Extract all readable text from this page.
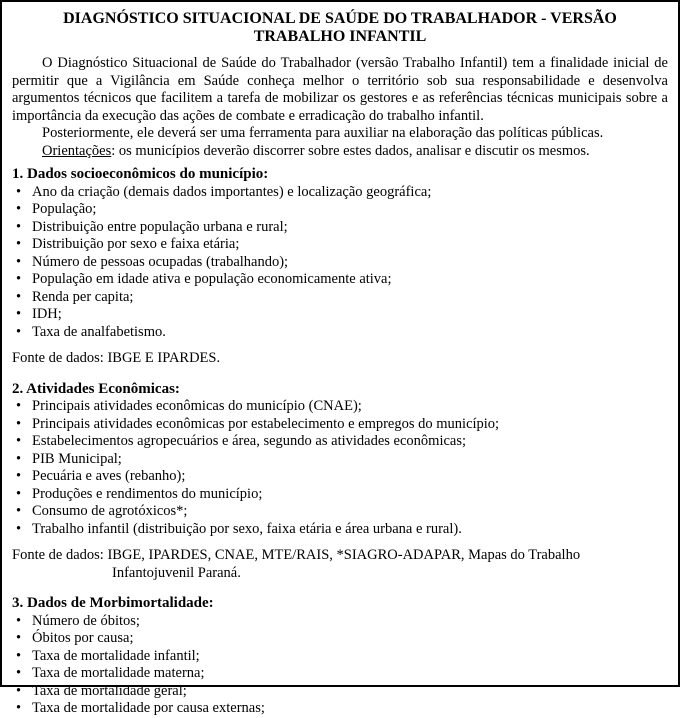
DIAGNÓSTICO SITUACIONAL DE SAÚDE DO TRABALHADOR - VERSÃO
TRABALHO INFANTIL

O Diagnóstico Situacional de Saúde do Trabalhador (versão Trabalho Infantil) tem a finalidade inicial de permitir que a Vigilância em Saúde conheça melhor o território sob sua responsabilidade e desenvolva argumentos técnicos que facilitem a tarefa de mobilizar os gestores e as referências técnicas municipais sobre a importância da execução das ações de combate e erradicação do trabalho infantil.

Posteriormente, ele deverá ser uma ferramenta para auxiliar na elaboração das políticas públicas.

Orientações: os municípios deverão discorrer sobre estes dados, analisar e discutir os mesmos.

1. Dados socioeconômicos do município:

• Ano da criação (demais dados importantes) e localização geográfica;
• População;
• Distribuição entre população urbana e rural;
• Distribuição por sexo e faixa etária;
• Número de pessoas ocupadas (trabalhando);
• População em idade ativa e população economicamente ativa;
• Renda per capita;
• IDH;
• Taxa de analfabetismo.

Fonte de dados: IBGE E IPARDES.

2. Atividades Econômicas:

• Principais atividades econômicas do município (CNAE);
• Principais atividades econômicas por estabelecimento e empregos do município;
• Estabelecimentos agropecuários e área, segundo as atividades econômicas;
• PIB Municipal;
• Pecuária e aves (rebanho);
• Produções e rendimentos do município;
• Consumo de agrotóxicos*;
• Trabalho infantil (distribuição por sexo, faixa etária e área urbana e rural).
Fonte de dados: IBGE, IPARDES, CNAE, MTE/RAIS, *SIAGRO-ADAPAR, Mapas do Trabalho
Infantojuvenil Paraná.

3. Dados de Morbimortalidade:

• Número de óbitos;
• Óbitos por causa;
• Taxa de mortalidade infantil;
• Taxa de mortalidade materna;
• Taxa de mortalidade geral;
• Taxa de mortalidade por causa externas;
